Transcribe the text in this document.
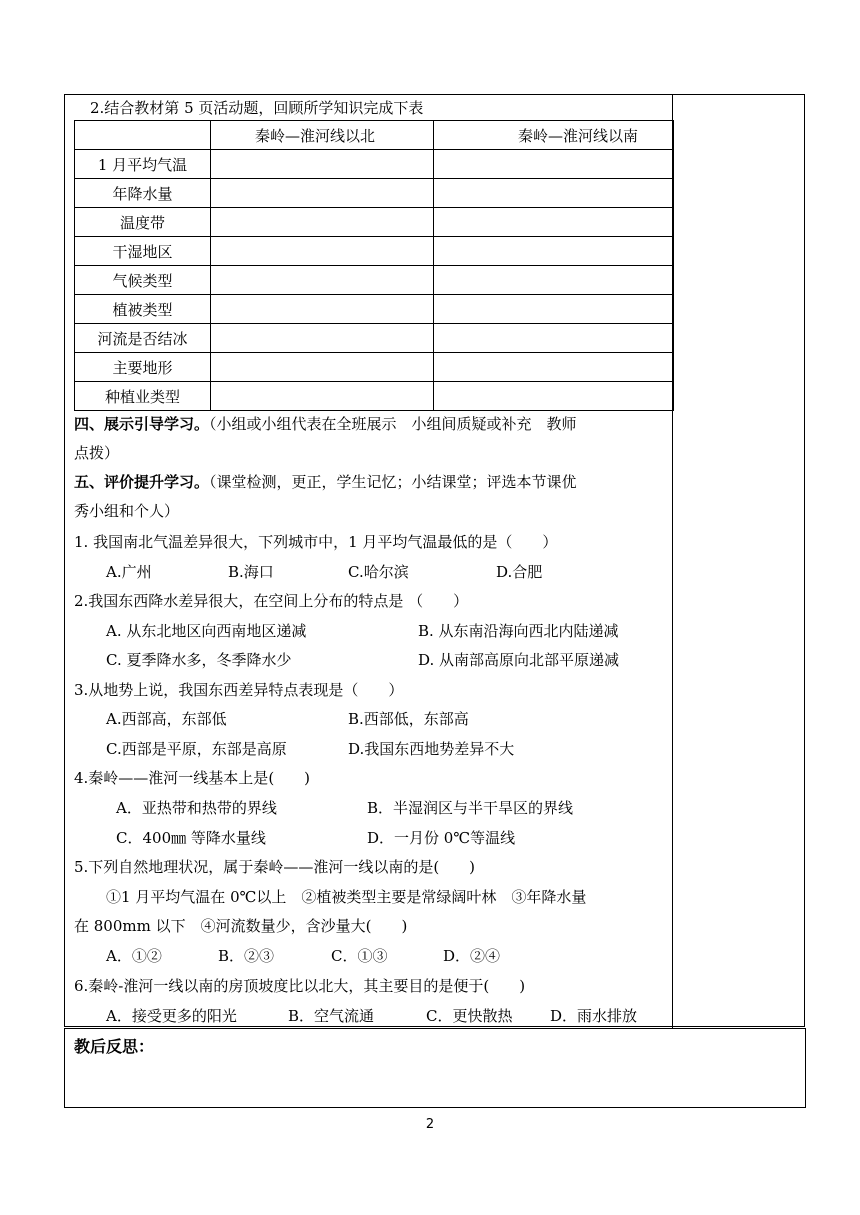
2.结合教材第 5 页活动题，回顾所学知识完成下表
	秦岭—淮河线以北	秦岭—淮河线以南
1 月平均气温		
年降水量		
温度带		
干湿地区		
气候类型		
植被类型		
河流是否结冰		
主要地形		
种植业类型		
四、展示引导学习。（小组或小组代表在全班展示　小组间质疑或补充　教师
点拨）
五、评价提升学习。（课堂检测，更正，学生记忆；小结课堂；评选本节课优
秀小组和个人）
1. 我国南北气温差异很大，下列城市中，1 月平均气温最低的是（　　）
A.广州	B.海口	C.哈尔滨	D.合肥
2.我国东西降水差异很大，在空间上分布的特点是 （　　）
A. 从东北地区向西南地区递减	B. 从东南沿海向西北内陆递减
C. 夏季降水多，冬季降水少	D. 从南部高原向北部平原递减
3.从地势上说，我国东西差异特点表现是（　　）
A.西部高，东部低	B.西部低，东部高
C.西部是平原，东部是高原	D.我国东西地势差异不大
4.秦岭——淮河一线基本上是(　　)
A．亚热带和热带的界线	B．半湿润区与半干旱区的界线
C．400㎜ 等降水量线	D．一月份 0℃等温线
5.下列自然地理状况，属于秦岭——淮河一线以南的是(　　)
①1 月平均气温在 0℃以上　②植被类型主要是常绿阔叶林　③年降水量
在 800mm 以下　④河流数量少，含沙量大(　　)
A．①②	B．②③	C．①③	D．②④
6.秦岭-淮河一线以南的房顶坡度比以北大，其主要目的是便于(　　)
A．接受更多的阳光	B．空气流通	C．更快散热	D．雨水排放
教后反思：
2
